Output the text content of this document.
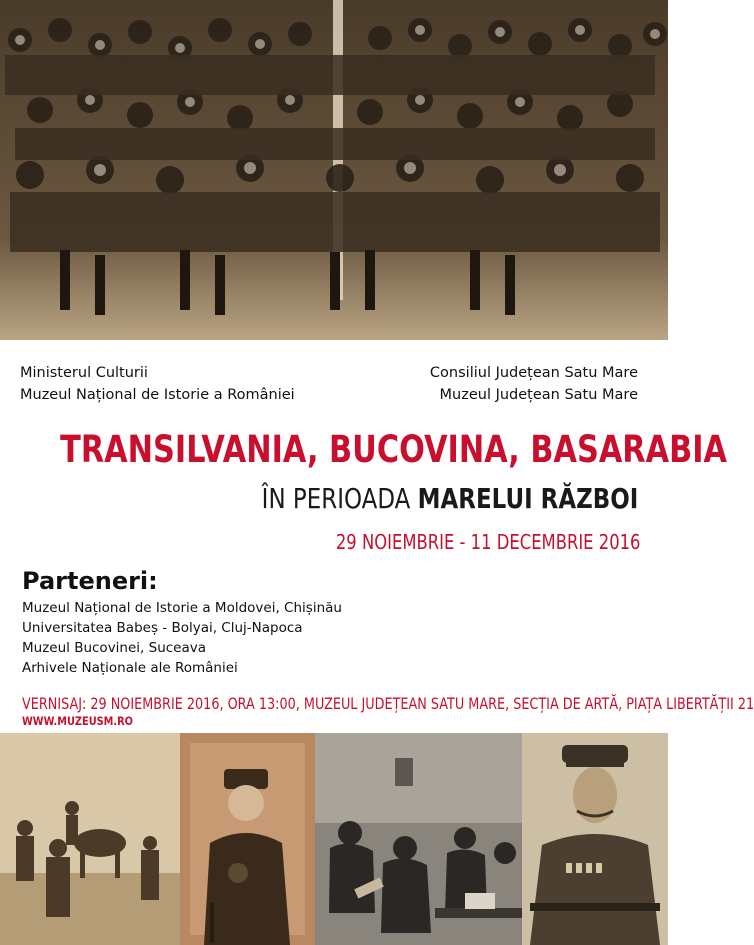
Ministerul Culturii
Muzeul Național de Istorie a României
Consiliul Județean Satu Mare
Muzeul Județean Satu Mare
TRANSILVANIA, BUCOVINA, BASARABIA
ÎN PERIOADA MARELUI RĂZBOI
29 NOIEMBRIE - 11 DECEMBRIE 2016
Parteneri:
Muzeul Național de Istorie a Moldovei, Chișinău
Universitatea Babeș - Bolyai, Cluj-Napoca
Muzeul Bucovinei, Suceava
Arhivele Naționale ale României
VERNISAJ: 29 NOIEMBRIE 2016, ORA 13:00, MUZEUL JUDEȚEAN SATU MARE, SECȚIA DE ARTĂ, PIAȚA LIBERTĂȚII 21
WWW.MUZEUSM.RO
